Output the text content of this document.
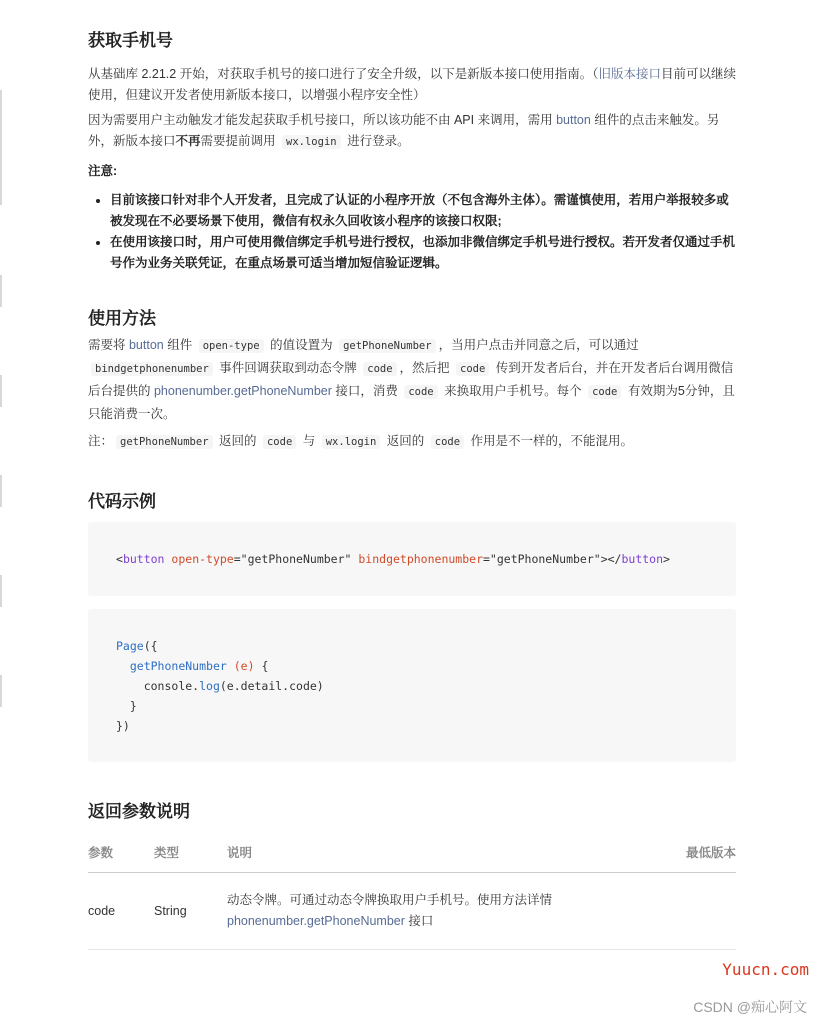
获取手机号

从基础库 2.21.2 开始，对获取手机号的接口进行了安全升级，以下是新版本接口使用指南。（旧版本接口目前可以继续使用，但建议开发者使用新版本接口，以增强小程序安全性）

因为需要用户主动触发才能发起获取手机号接口，所以该功能不由 API 来调用，需用 button 组件的点击来触发。另外，新版本接口不再需要提前调用 wx.login 进行登录。

注意:

• 目前该接口针对非个人开发者，且完成了认证的小程序开放（不包含海外主体）。需谨慎使用，若用户举报较多或被发现在不必要场景下使用，微信有权永久回收该小程序的该接口权限;
• 在使用该接口时，用户可使用微信绑定手机号进行授权，也添加非微信绑定手机号进行授权。若开发者仅通过手机号作为业务关联凭证，在重点场景可适当增加短信验证逻辑。
使用方法

需要将 button 组件 open-type 的值设置为 getPhoneNumber ，当用户点击并同意之后，可以通过bindgetphonenumber 事件回调获取到动态令牌 code ，然后把 code 传到开发者后台，并在开发者后台调用微信后台提供的 phonenumber.getPhoneNumber 接口，消费 code 来换取用户手机号。每个 code 有效期为5分钟，且只能消费一次。

注： getPhoneNumber 返回的 code 与 wx.login 返回的 code 作用是不一样的，不能混用。

代码示例
<button open-type="getPhoneNumber" bindgetphonenumber="getPhoneNumber"></button>
Page({
getPhoneNumber (e) {
console.log(e.detail.code)
}
})
返回参数说明
参数	类型	说明	最低版本
code	String	动态令牌。可通过动态令牌换取用户手机号。使用方法详情
phonenumber.getPhoneNumber 接口	
Yuucn.com
CSDN @痴心阿文
